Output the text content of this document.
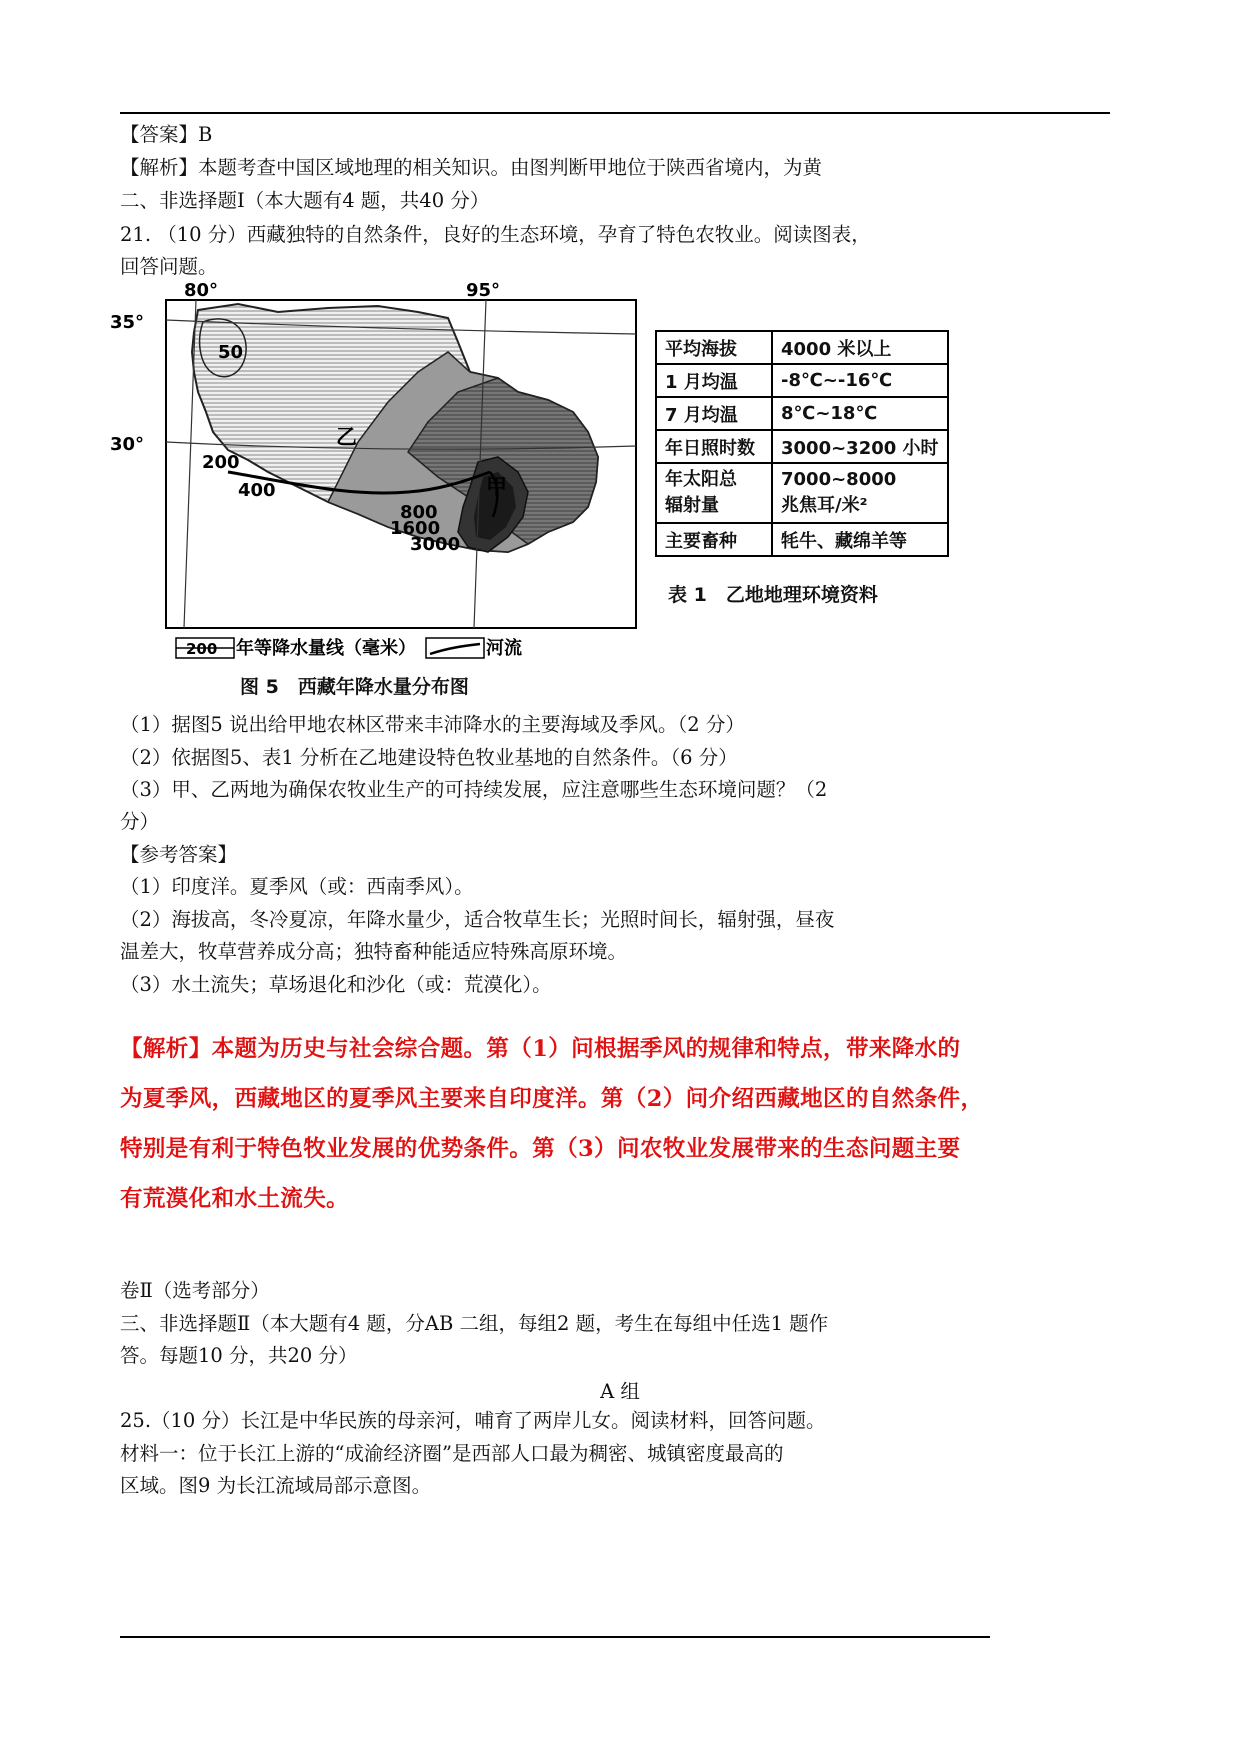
【答案】B
【解析】本题考查中国区域地理的相关知识。由图判断甲地位于陕西省境内，为黄
二、非选择题Ⅰ（本大题有4 题，共40 分）
21. （10 分）西藏独特的自然条件，良好的生态环境，孕育了特色农牧业。阅读图表，
回答问题。
80°	95°
35°
30°
50
200
400
800
1600
3000
乙
甲
200 年等降水量线（毫米）	河流
图 5　西藏年降水量分布图
平均海拔	4000 米以上
1 月均温	-8℃~-16℃
7 月均温	8℃~18℃
年日照时数	3000~3200 小时
年太阳总
辐射量	7000~8000
兆焦耳/米²
主要畜种	牦牛、藏绵羊等
表 1　乙地地理环境资料
（1）据图5 说出给甲地农林区带来丰沛降水的主要海域及季风。（2 分）
（2）依据图5、表1 分析在乙地建设特色牧业基地的自然条件。（6 分）
（3）甲、乙两地为确保农牧业生产的可持续发展，应注意哪些生态环境问题？（2
分）
【参考答案】
（1）印度洋。夏季风（或：西南季风）。
（2）海拔高，冬冷夏凉，年降水量少，适合牧草生长；光照时间长，辐射强，昼夜
温差大，牧草营养成分高；独特畜种能适应特殊高原环境。
（3）水土流失；草场退化和沙化（或：荒漠化）。
【解析】本题为历史与社会综合题。第（1）问根据季风的规律和特点，带来降水的
为夏季风，西藏地区的夏季风主要来自印度洋。第（2）问介绍西藏地区的自然条件，
特别是有利于特色牧业发展的优势条件。第（3）问农牧业发展带来的生态问题主要
有荒漠化和水土流失。
卷Ⅱ（选考部分）
三、非选择题Ⅱ（本大题有4 题，分AB 二组，每组2 题，考生在每组中任选1 题作
答。每题10 分，共20 分）
A 组
25.（10 分）长江是中华民族的母亲河，哺育了两岸儿女。阅读材料，回答问题。
材料一：位于长江上游的“成渝经济圈”是西部人口最为稠密、城镇密度最高的
区域。图9 为长江流域局部示意图。
